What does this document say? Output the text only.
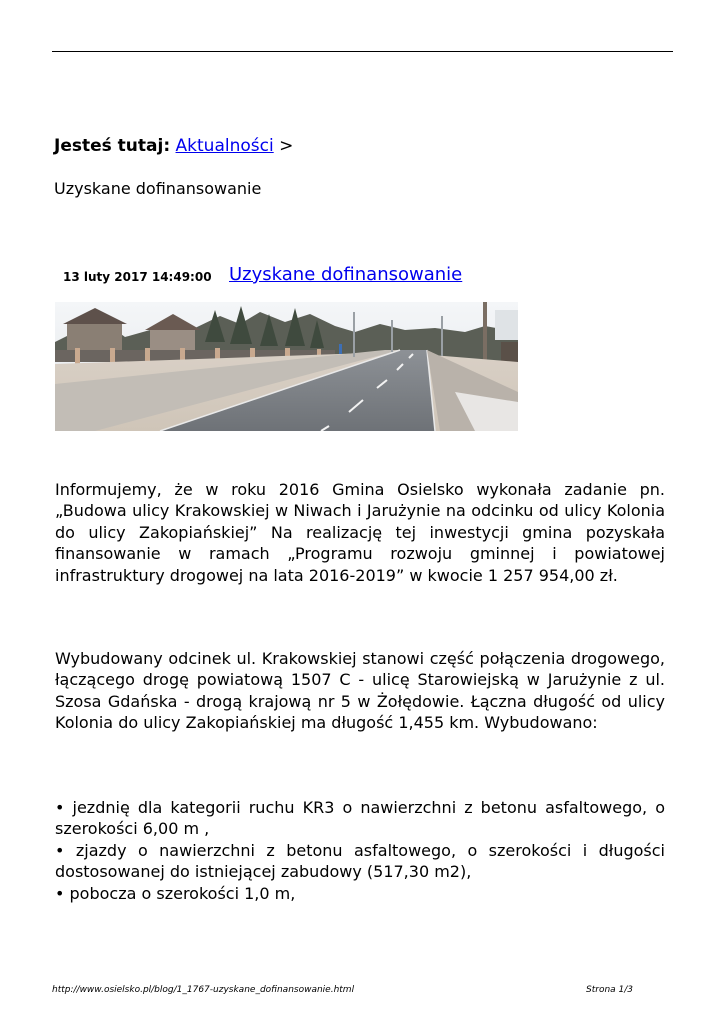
Jesteś tutaj: Aktualności >
Uzyskane dofinansowanie
13 luty 2017 14:49:00 Uzyskane dofinansowanie

Informujemy, że w roku 2016 Gmina Osielsko wykonała zadanie pn. „Budowa ulicy Krakowskiej w Niwach i Jarużynie na odcinku od ulicy Kolonia do ulicy Zakopiańskiej” Na realizację tej inwestycji gmina pozyskała finansowanie w ramach „Programu rozwoju gminnej i powiatowej infrastruktury drogowej na lata 2016-2019” w kwocie 1 257 954,00 zł.

Wybudowany odcinek ul. Krakowskiej stanowi część połączenia drogowego, łączącego drogę powiatową 1507 C - ulicę Starowiejską w Jarużynie z ul. Szosa Gdańska - drogą krajową nr 5 w Żołędowie. Łączna długość od ulicy Kolonia do ulicy Zakopiańskiej ma długość 1,455 km. Wybudowano:

• jezdnię dla kategorii ruchu KR3 o nawierzchni z betonu asfaltowego, o szerokości 6,00 m ,
• zjazdy o nawierzchni z betonu asfaltowego, o szerokości i długości dostosowanej do istniejącej zabudowy (517,30 m2),
• pobocza o szerokości 1,0 m,
http://www.osielsko.pl/blog/1_1767-uzyskane_dofinansowanie.html	Strona 1/3
